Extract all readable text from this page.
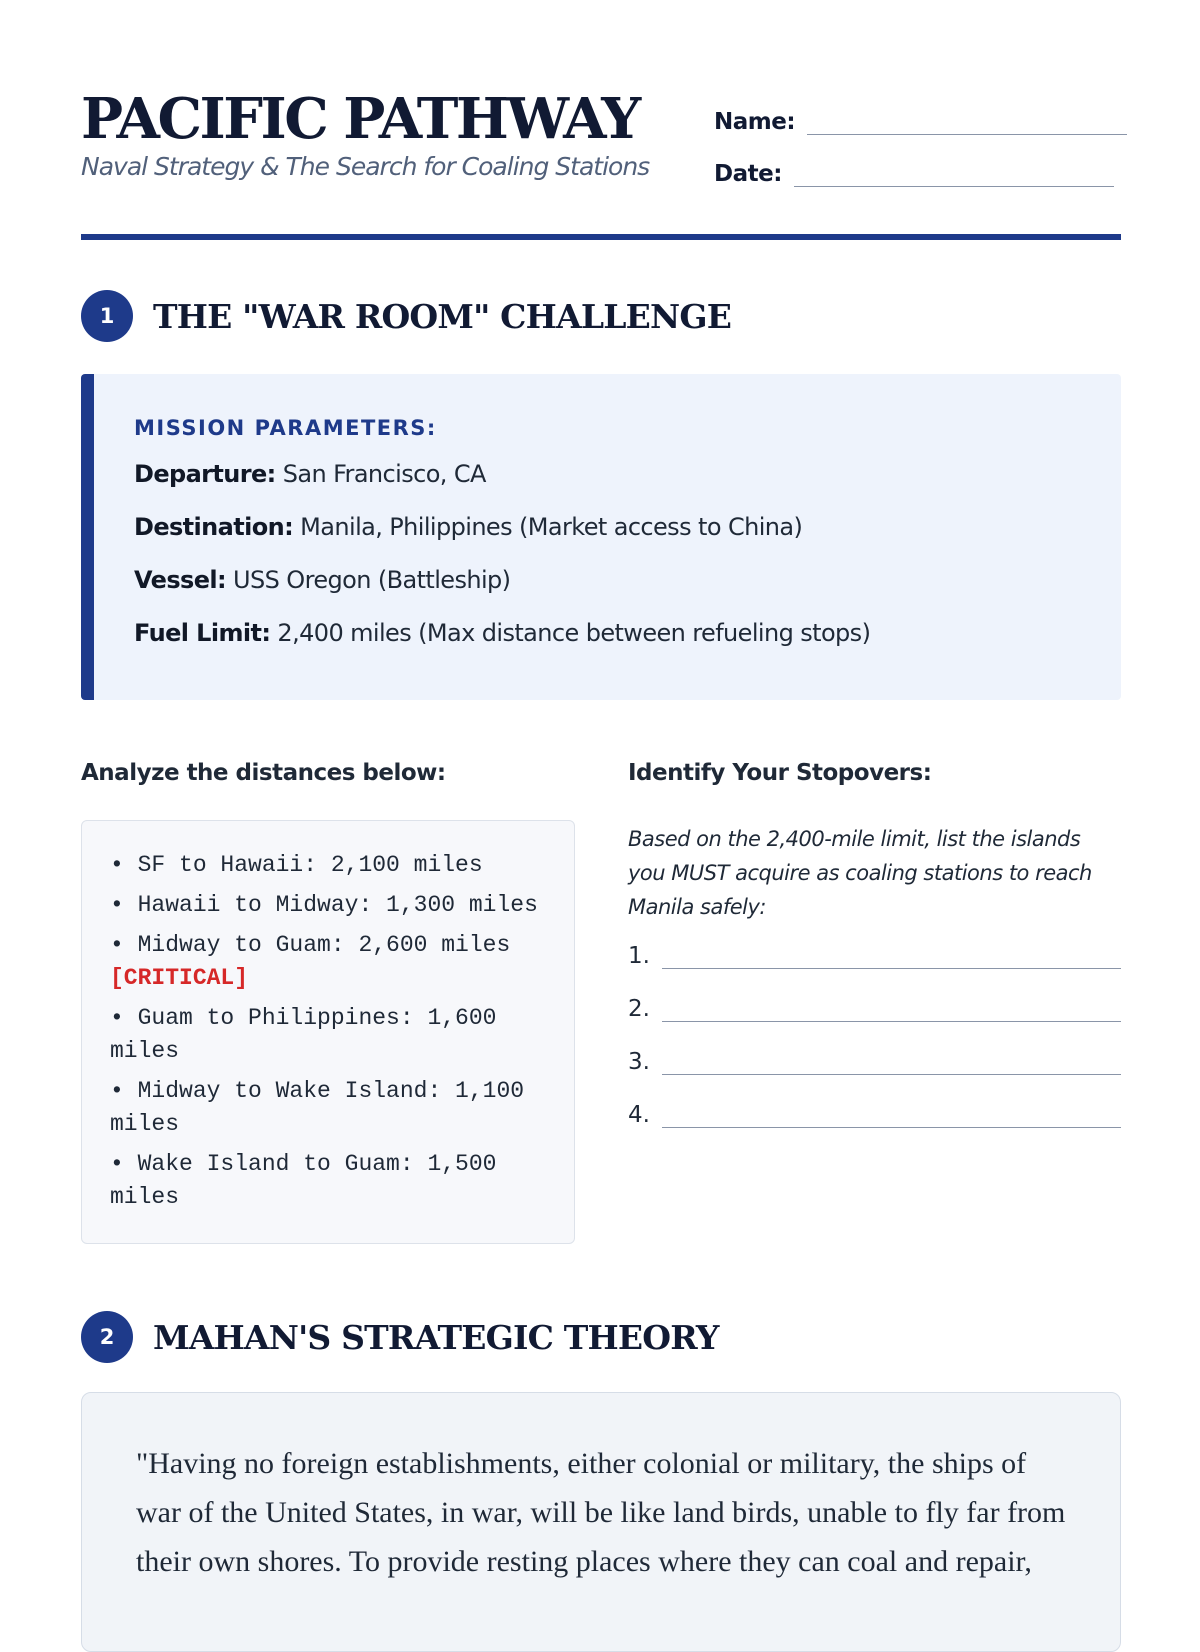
PACIFIC PATHWAY
Naval Strategy & The Search for Coaling Stations
Name:
Date:
1	THE "WAR ROOM" CHALLENGE
MISSION PARAMETERS:
Departure: San Francisco, CA
Destination: Manila, Philippines (Market access to China)
Vessel: USS Oregon (Battleship)
Fuel Limit: 2,400 miles (Max distance between refueling stops)
Analyze the distances below:	Identify Your Stopovers:
• SF to Hawaii: 2,100 miles
• Hawaii to Midway: 1,300 miles
• Midway to Guam: 2,600 miles [CRITICAL]
• Guam to Philippines: 1,600 miles
• Midway to Wake Island: 1,100 miles
• Wake Island to Guam: 1,500 miles
Based on the 2,400-mile limit, list the islands you MUST acquire as coaling stations to reach Manila safely:
1.
2.
3.
4.
2	MAHAN'S STRATEGIC THEORY
"Having no foreign establishments, either colonial or military, the ships of war of the United States, in war, will be like land birds, unable to fly far from their own shores. To provide resting places where they can coal and repair,
